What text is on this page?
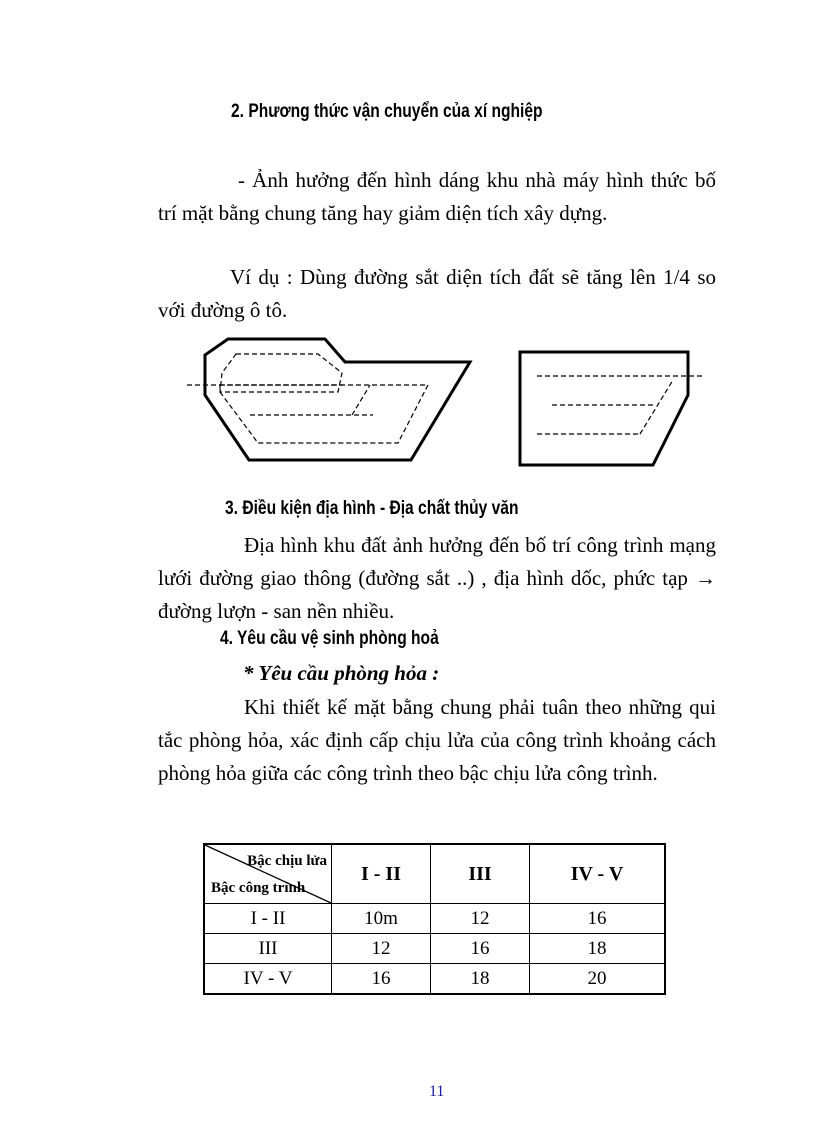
2. Phương thức vận chuyển của xí nghiệp
- Ảnh hưởng đến hình dáng khu nhà máy hình thức bố trí mặt bằng chung tăng hay giảm diện tích xây dựng.
Ví dụ : Dùng đường sắt diện tích đất sẽ tăng lên 1/4 so với đường ô tô.
3. Điều kiện địa hình - Địa chất thủy văn
Địa hình khu đất ảnh hưởng đến bố trí công trình mạng lưới đường giao thông (đường sắt ..) , địa hình dốc, phức tạp → đường lượn - san nền nhiều.
4. Yêu cầu vệ sinh phòng hoả
* Yêu cầu phòng hỏa :
Khi thiết kế mặt bằng chung phải tuân theo những qui tắc phòng hỏa, xác định cấp chịu lửa của công trình khoảng cách phòng hỏa giữa các công trình theo bậc chịu lửa công trình.
Bậc chịu lửa
Bậc công trình	I - II	III	IV - V
I - II	10m	12	16
III	12	16	18
IV - V	16	18	20
11
